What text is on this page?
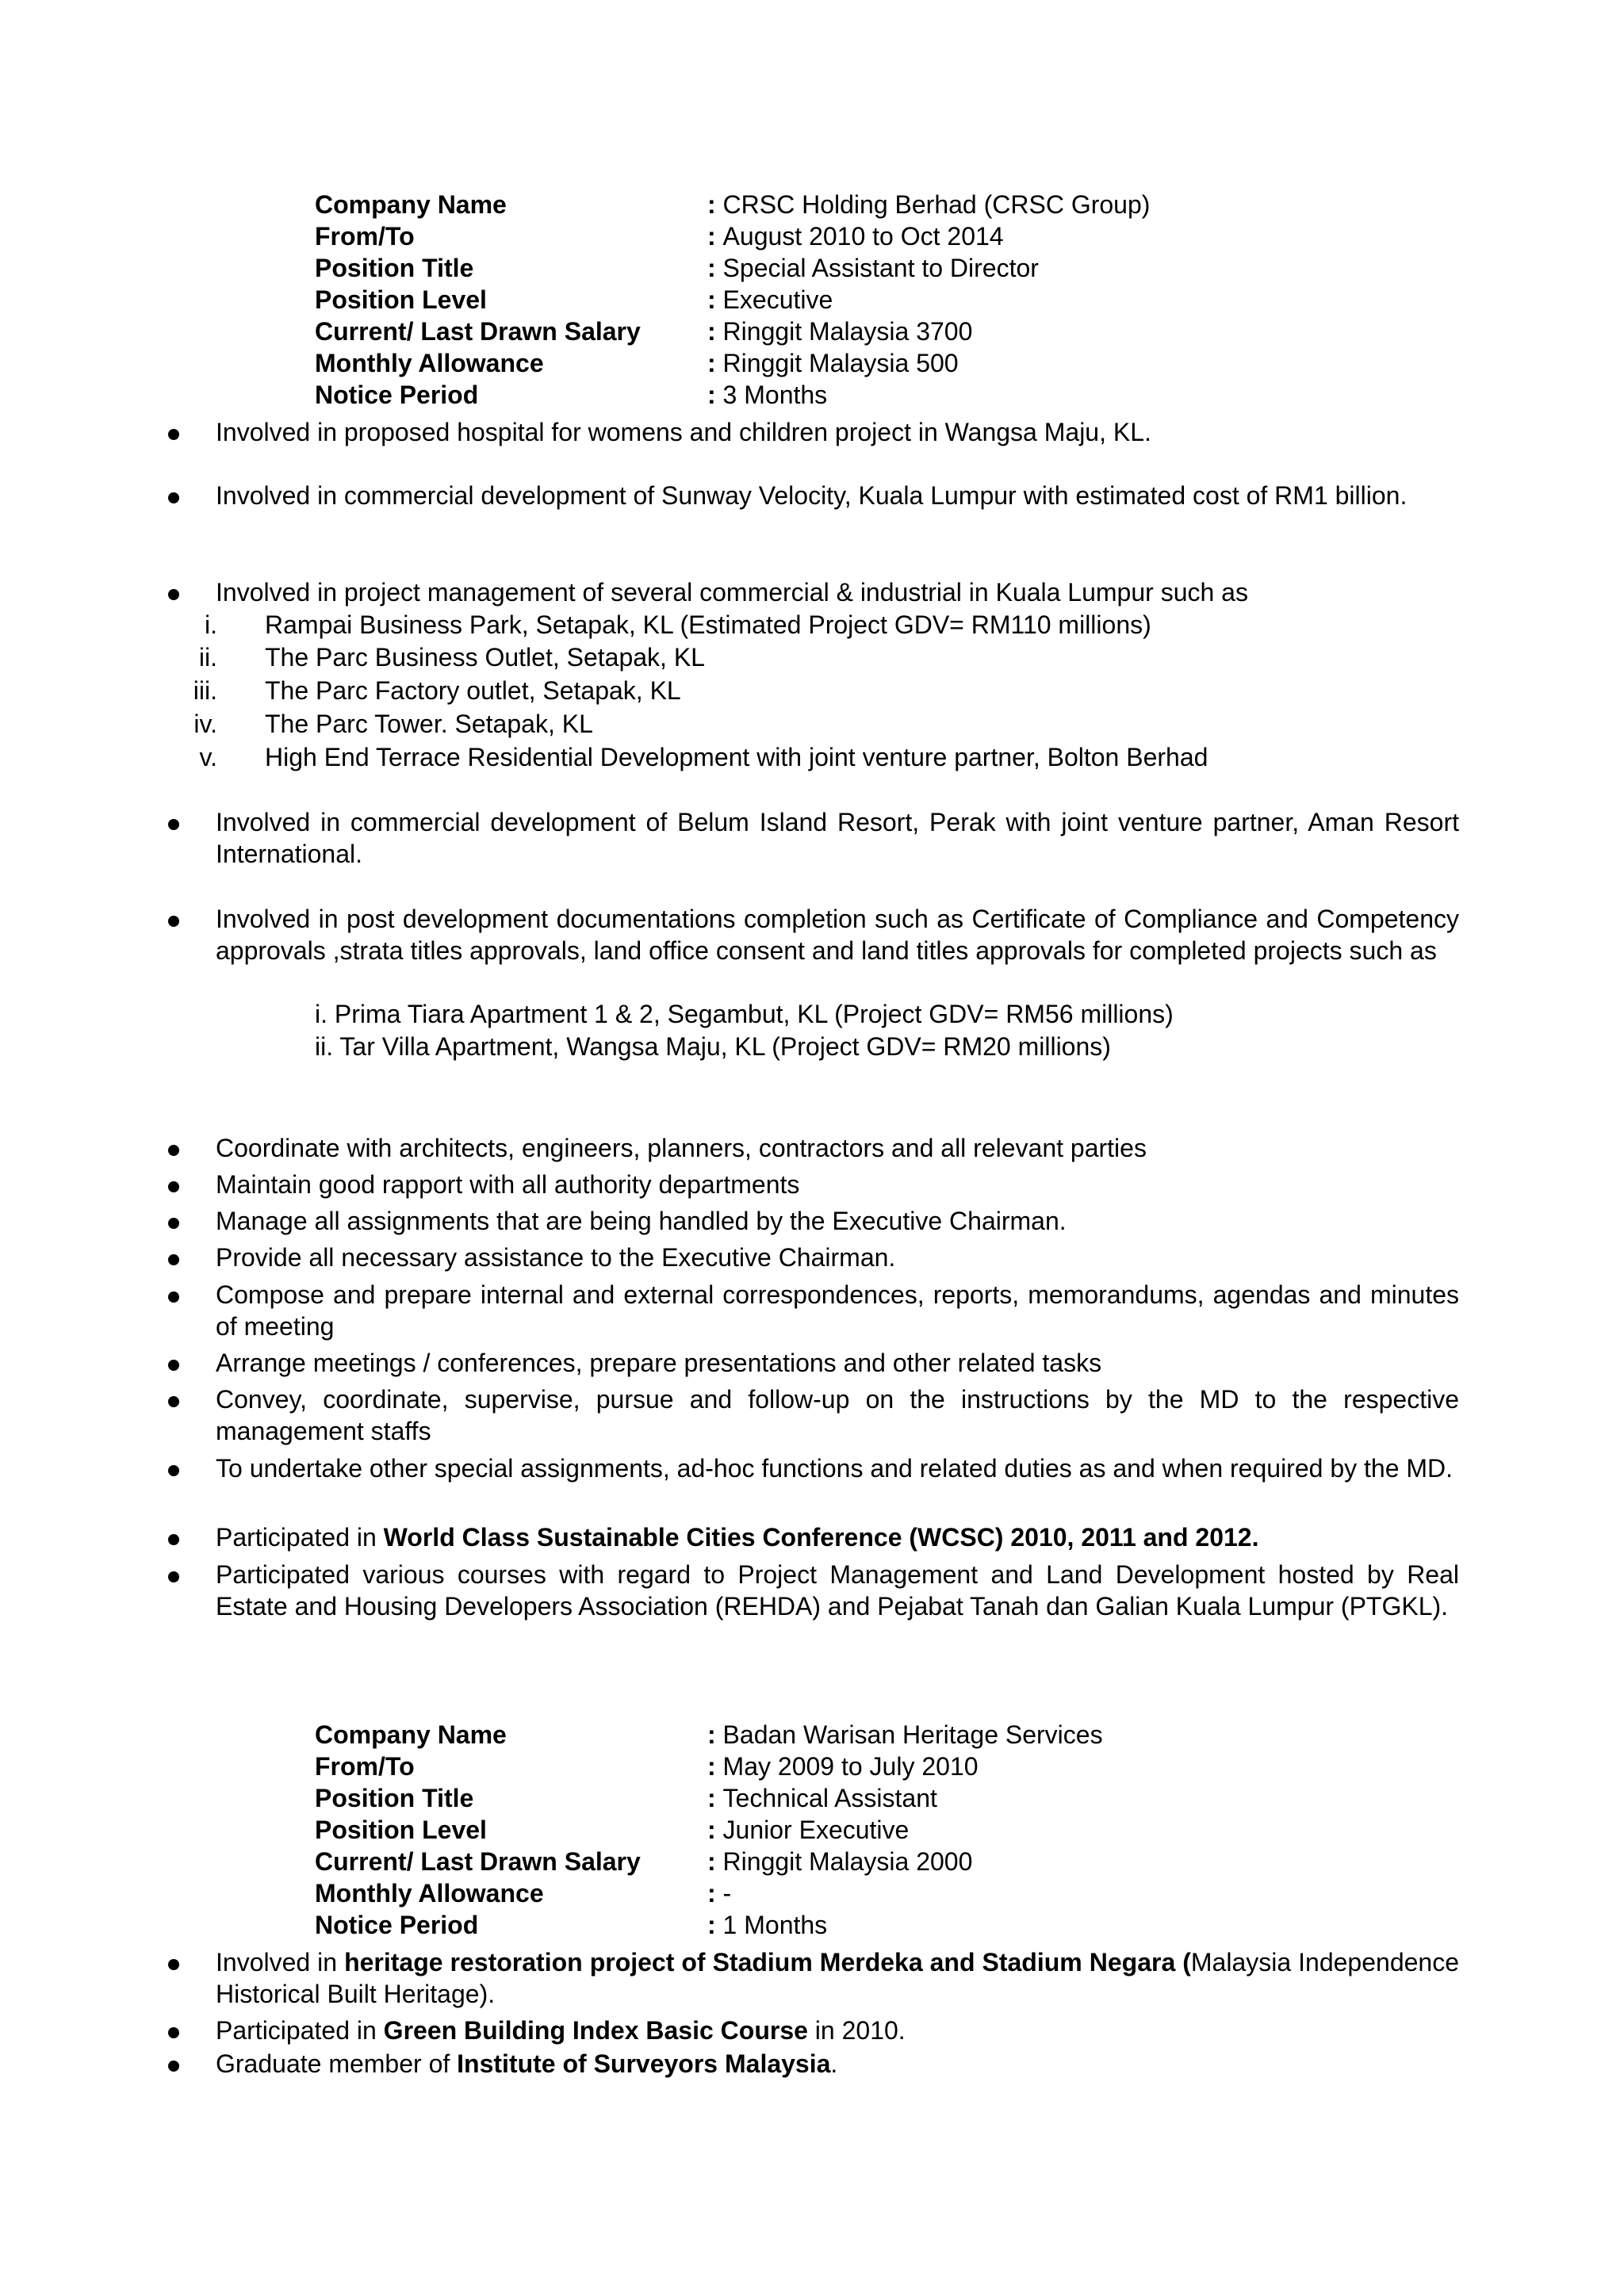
Company Name	: CRSC Holding Berhad (CRSC Group)
From/To	: August 2010 to Oct 2014
Position Title	: Special Assistant to Director
Position Level	: Executive
Current/ Last Drawn Salary	: Ringgit Malaysia 3700
Monthly Allowance	: Ringgit Malaysia 500
Notice Period	: 3 Months
Involved in proposed hospital for womens and children project in Wangsa Maju, KL.
Involved in commercial development of Sunway Velocity, Kuala Lumpur with estimated cost of RM1 billion.
Involved in project management of several commercial & industrial in Kuala Lumpur such as
i. Rampai Business Park, Setapak, KL (Estimated Project GDV= RM110 millions)
ii. The Parc Business Outlet, Setapak, KL
iii. The Parc Factory outlet, Setapak, KL
iv. The Parc Tower. Setapak, KL
v. High End Terrace Residential Development with joint venture partner, Bolton Berhad
Involved in commercial development of Belum Island Resort, Perak with joint venture partner, Aman Resort International.
Involved in post development documentations completion such as Certificate of Compliance and Competency approvals ,strata titles approvals, land office consent and land titles approvals for completed projects such as
i. Prima Tiara Apartment 1 & 2, Segambut, KL (Project GDV= RM56 millions)
ii. Tar Villa Apartment, Wangsa Maju, KL (Project GDV= RM20 millions)
Coordinate with architects, engineers, planners, contractors and all relevant parties
Maintain good rapport with all authority departments
Manage all assignments that are being handled by the Executive Chairman.
Provide all necessary assistance to the Executive Chairman.
Compose and prepare internal and external correspondences, reports, memorandums, agendas and minutes of meeting
Arrange meetings / conferences, prepare presentations and other related tasks
Convey, coordinate, supervise, pursue and follow-up on the instructions by the MD to the respective management staffs
To undertake other special assignments, ad-hoc functions and related duties as and when required by the MD.
Participated in World Class Sustainable Cities Conference (WCSC) 2010, 2011 and 2012.
Participated various courses with regard to Project Management and Land Development hosted by Real Estate and Housing Developers Association (REHDA) and Pejabat Tanah dan Galian Kuala Lumpur (PTGKL).
Company Name	: Badan Warisan Heritage Services
From/To	: May 2009 to July 2010
Position Title	: Technical Assistant
Position Level	: Junior Executive
Current/ Last Drawn Salary	: Ringgit Malaysia 2000
Monthly Allowance	: -
Notice Period	: 1 Months
Involved in heritage restoration project of Stadium Merdeka and Stadium Negara (Malaysia Independence Historical Built Heritage).
Participated in Green Building Index Basic Course in 2010.
Graduate member of Institute of Surveyors Malaysia.
